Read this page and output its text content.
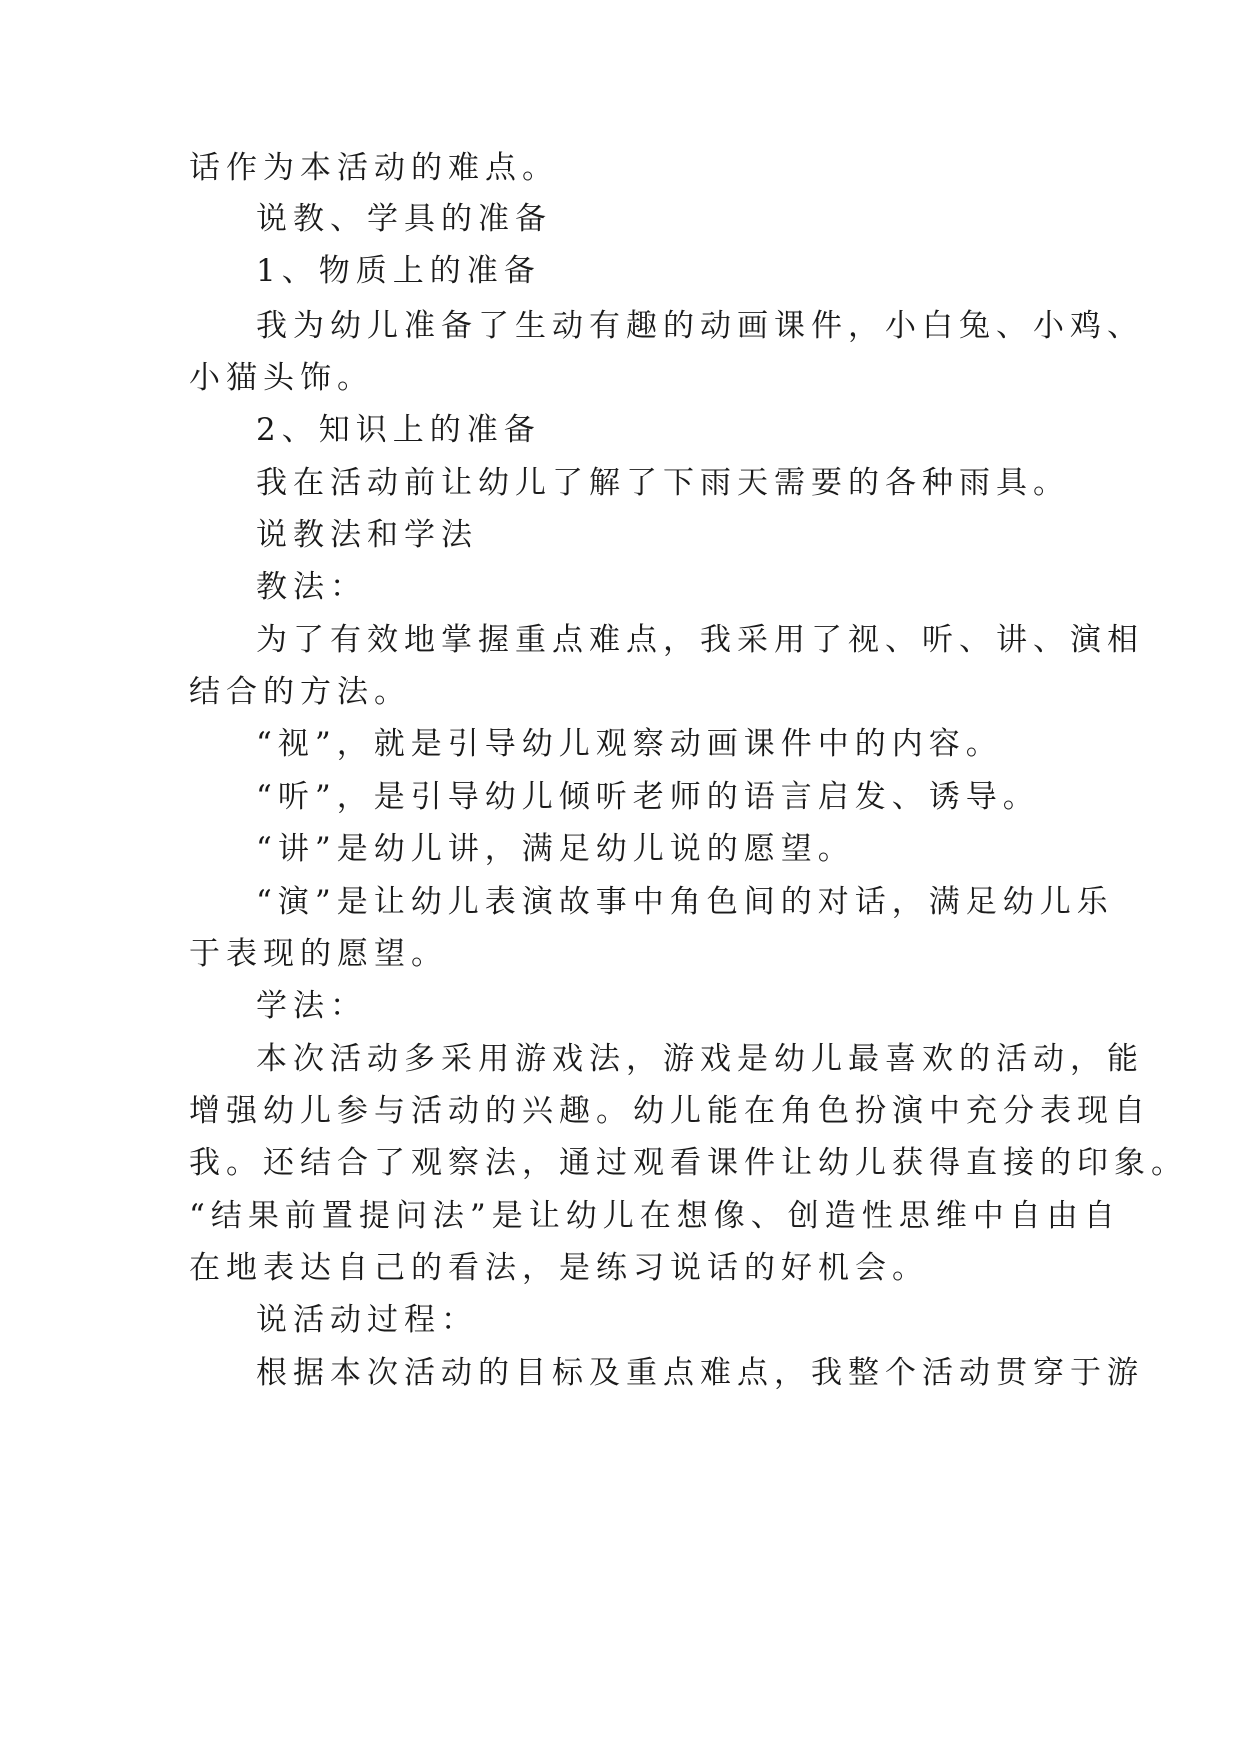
话作为本活动的难点。
说教、学具的准备
1、物质上的准备
我为幼儿准备了生动有趣的动画课件，小白兔、小鸡、
小猫头饰。
2、知识上的准备
我在活动前让幼儿了解了下雨天需要的各种雨具。
说教法和学法
教法：
为了有效地掌握重点难点，我采用了视、听、讲、演相
结合的方法。
“视”，就是引导幼儿观察动画课件中的内容。
“听”，是引导幼儿倾听老师的语言启发、诱导。
“讲”是幼儿讲，满足幼儿说的愿望。
“演”是让幼儿表演故事中角色间的对话，满足幼儿乐
于表现的愿望。
学法：
本次活动多采用游戏法，游戏是幼儿最喜欢的活动，能
增强幼儿参与活动的兴趣。幼儿能在角色扮演中充分表现自
我。还结合了观察法，通过观看课件让幼儿获得直接的印象。
“结果前置提问法”是让幼儿在想像、创造性思维中自由自
在地表达自己的看法，是练习说话的好机会。
说活动过程：
根据本次活动的目标及重点难点，我整个活动贯穿于游
